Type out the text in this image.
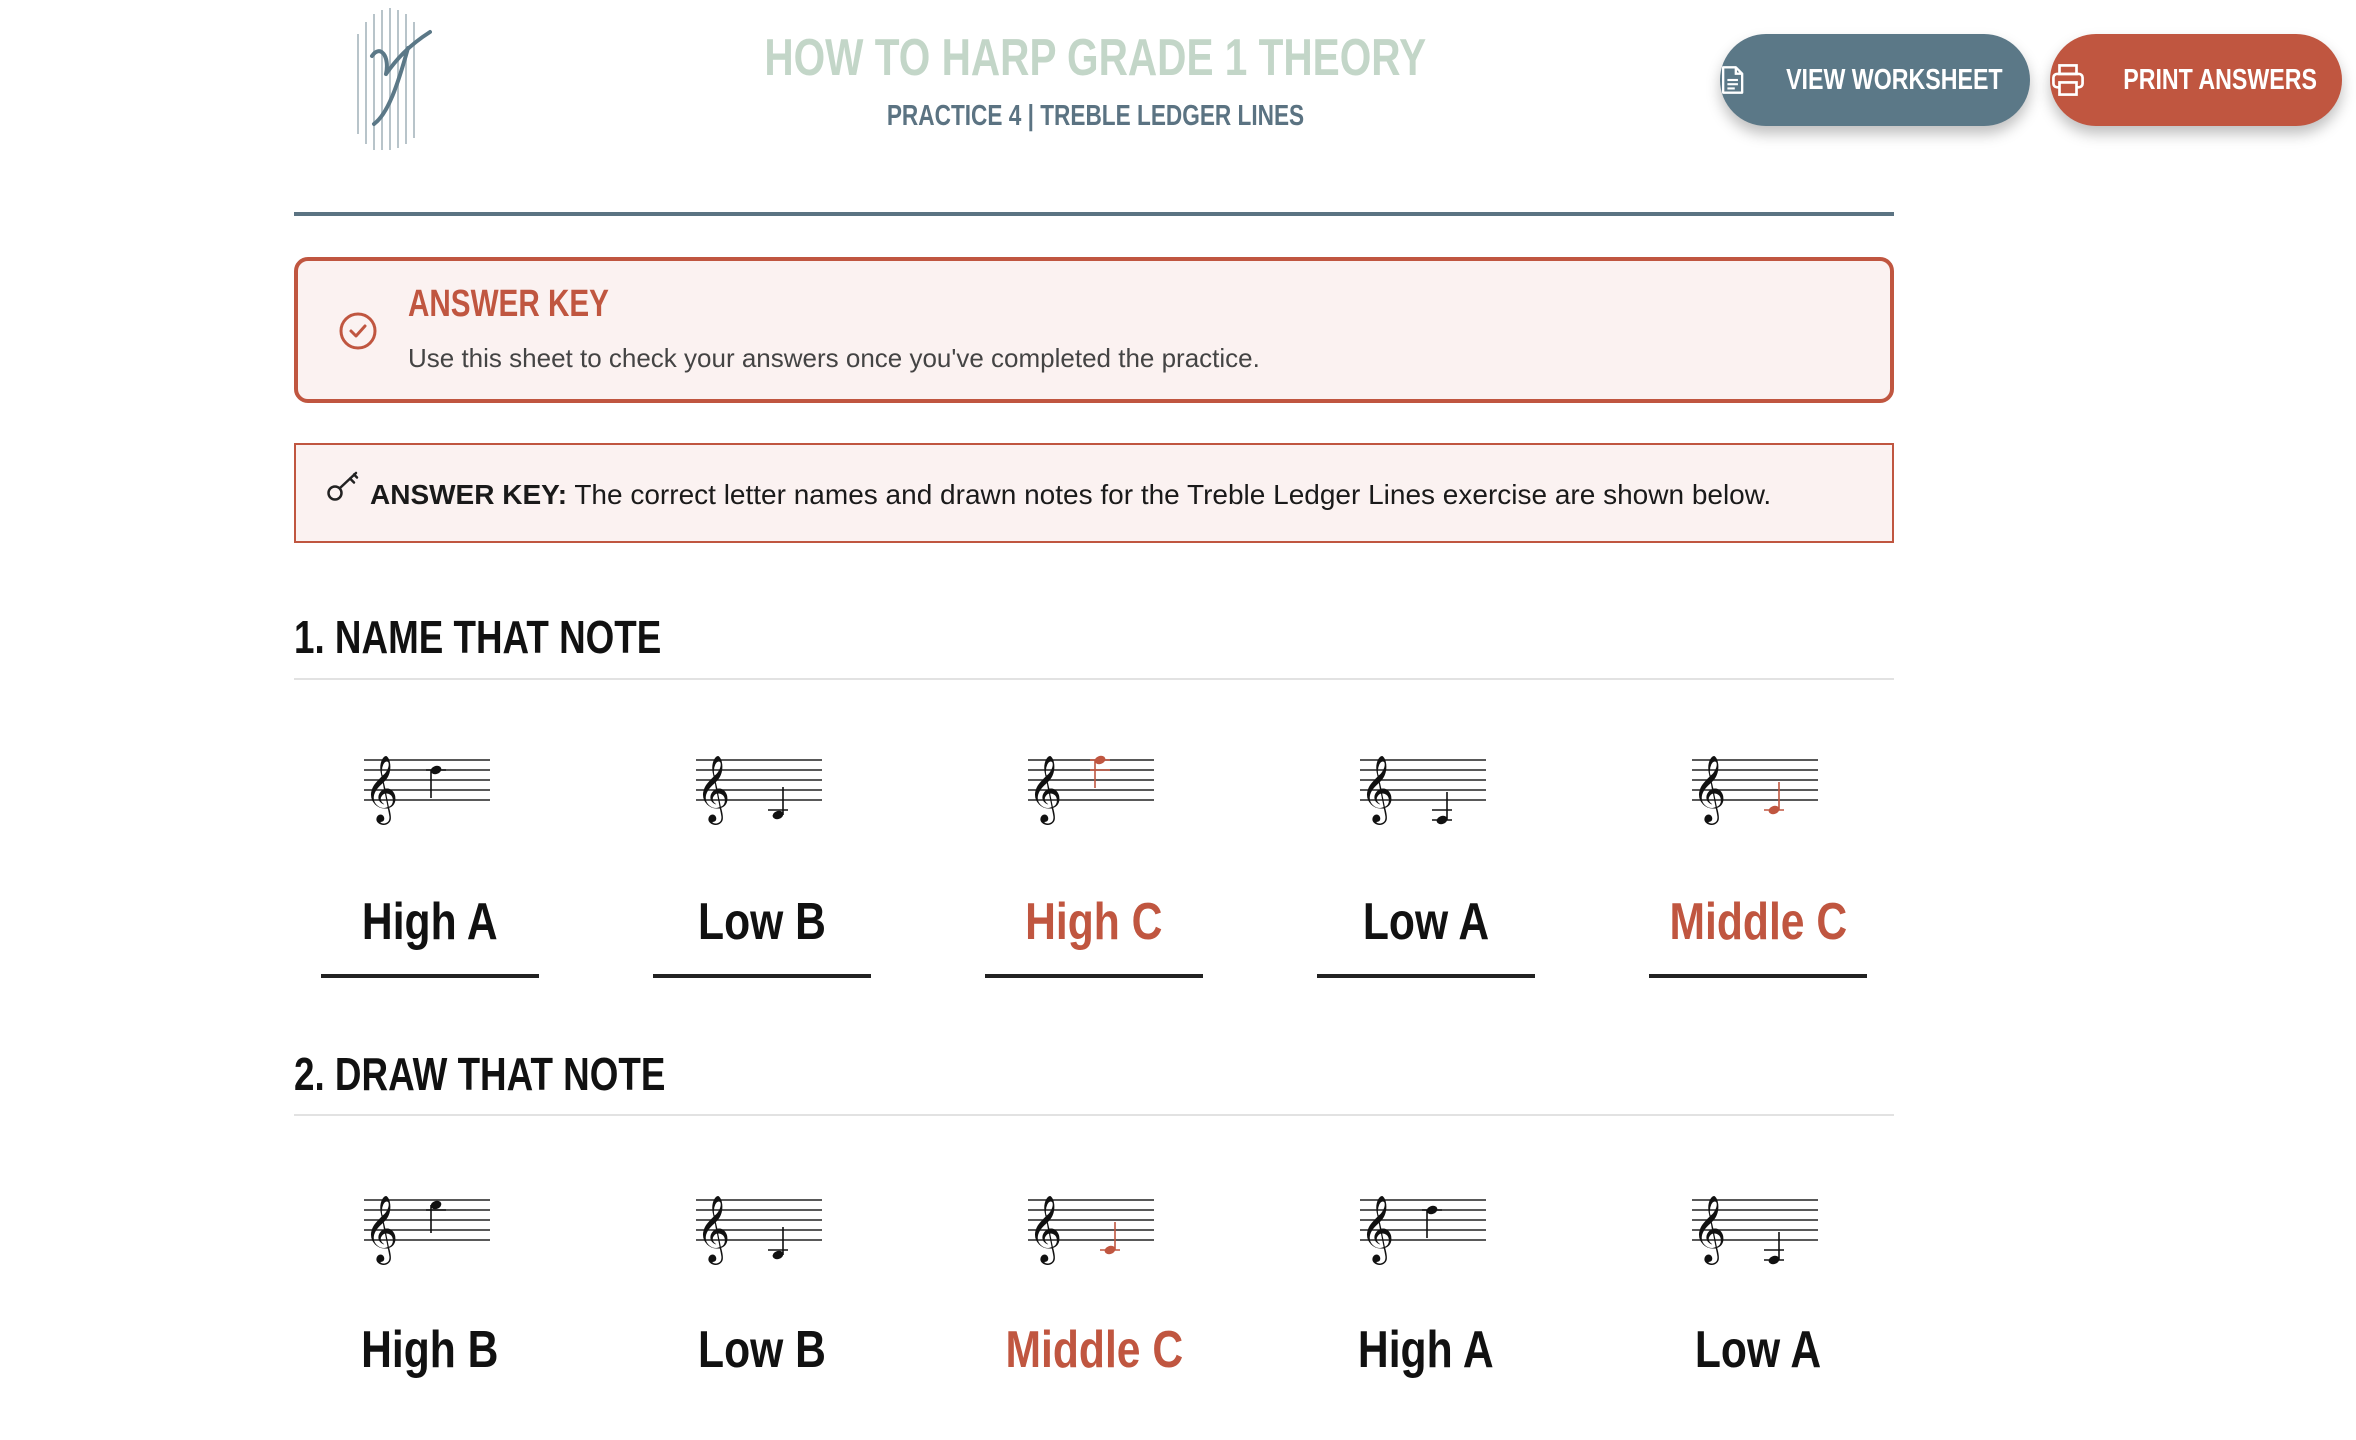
HOW TO HARP GRADE 1 THEORY
PRACTICE 4 | TREBLE LEDGER LINES
VIEW WORKSHEET	PRINT ANSWERS
ANSWER KEY
Use this sheet to check your answers once you've completed the practice.
ANSWER KEY: The correct letter names and drawn notes for the Treble Ledger Lines exercise are shown below.
1. NAME THAT NOTE
𝄞
High A
𝄞
Low B
𝄞
High C
𝄞
Low A
𝄞
Middle C
2. DRAW THAT NOTE
𝄞
High B
𝄞
Low B
𝄞
Middle C
𝄞
High A
𝄞
Low A
